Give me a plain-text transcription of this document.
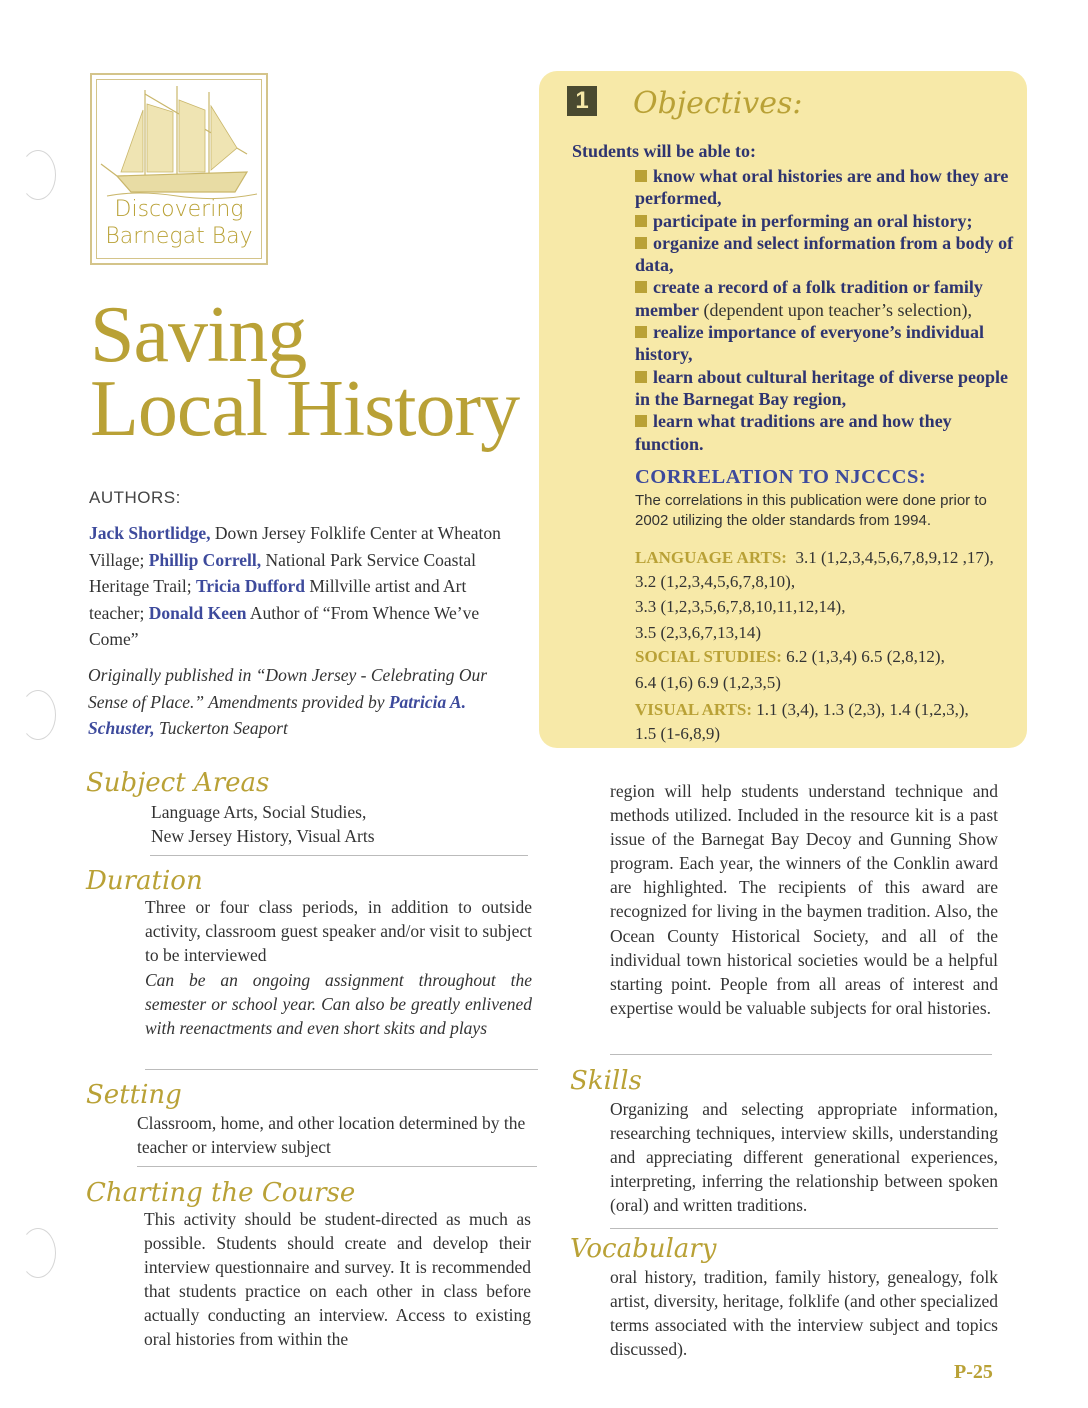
Discovering
Barnegat Bay
Saving
Local History
AUTHORS:
Jack Shortlidge, Down Jersey Folklife Center at Wheaton Village; Phillip Correll, National Park Service Coastal Heritage Trail; Tricia Dufford Millville artist and Art teacher; Donald Keen Author of “From Whence We’ve Come”
Originally published in “Down Jersey - Celebrating Our Sense of Place.” Amendments provided by Patricia A. Schuster, Tuckerton Seaport
1 Objectives:
Students will be able to:
know what oral histories are and how they are performed,
participate in performing an oral history;
organize and select information from a body of data,
create a record of a folk tradition or family member (dependent upon teacher’s selection),
realize importance of everyone’s individual history,
learn about cultural heritage of diverse people in the Barnegat Bay region,
learn what traditions are and how they function.
CORRELATION TO NJCCCS:
The correlations in this publication were done prior to 2002 utilizing the older standards from 1994.
LANGUAGE ARTS: 3.1 (1,2,3,4,5,6,7,8,9,12 ,17),
3.2 (1,2,3,4,5,6,7,8,10),
3.3 (1,2,3,5,6,7,8,10,11,12,14),
3.5 (2,3,6,7,13,14)
SOCIAL STUDIES: 6.2 (1,3,4) 6.5 (2,8,12),
6.4 (1,6) 6.9 (1,2,3,5)
VISUAL ARTS: 1.1 (3,4), 1.3 (2,3), 1.4 (1,2,3,),
1.5 (1-6,8,9)
Subject Areas
Language Arts, Social Studies, New Jersey History, Visual Arts
Duration
Three or four class periods, in addition to outside activity, classroom guest speaker and/or visit to subject to be interviewed
Can be an ongoing assignment throughout the semester or school year. Can also be greatly enlivened with reenactments and even short skits and plays
Setting
Classroom, home, and other location determined by the teacher or interview subject
Charting the Course
This activity should be student-directed as much as possible. Students should create and develop their interview questionnaire and survey. It is recommended that students practice on each other in class before actually conducting an interview. Access to existing oral histories from within the
region will help students understand technique and methods utilized. Included in the resource kit is a past issue of the Barnegat Bay Decoy and Gunning Show program. Each year, the winners of the Conklin award are highlighted. The recipients of this award are recognized for living in the baymen tradition. Also, the Ocean County Historical Society, and all of the individual town historical societies would be a helpful starting point. People from all areas of interest and expertise would be valuable subjects for oral histories.
Skills
Organizing and selecting appropriate information, researching techniques, interview skills, understanding and appreciating different generational experiences, interpreting, inferring the relationship between spoken (oral) and written traditions.
Vocabulary
oral history, tradition, family history, genealogy, folk artist, diversity, heritage, folklife (and other specialized terms associated with the interview subject and topics discussed).
P-25
